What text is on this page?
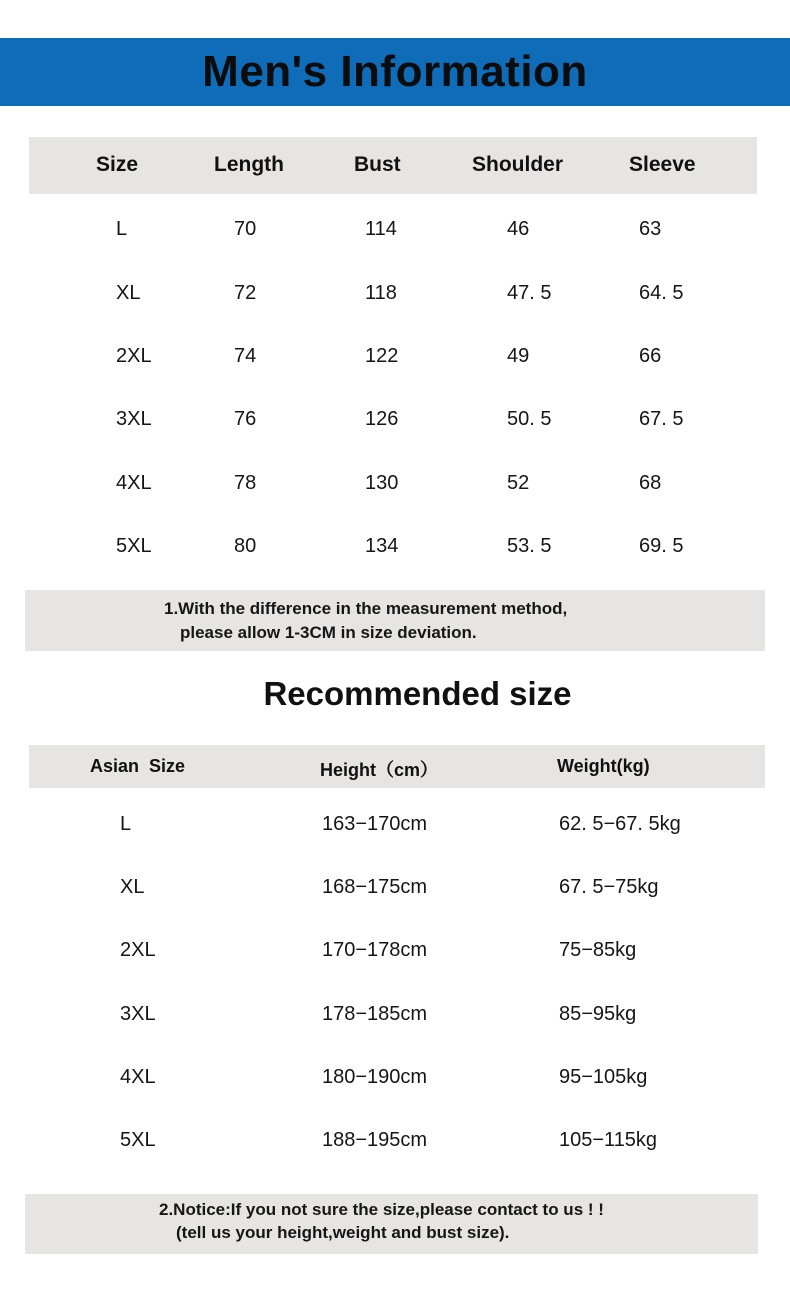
Men's Information
Size	Length	Bust	Shoulder	Sleeve
L	70	114	46	63
XL	72	118	47. 5	64. 5
2XL	74	122	49	66
3XL	76	126	50. 5	67. 5
4XL	78	130	52	68
5XL	80	134	53. 5	69. 5
1.With the difference in the measurement method,
please allow 1-3CM in size deviation.
Recommended size
Asian  Size	Height（cm）	Weight(kg)
L	163−170cm	62. 5−67. 5kg
XL	168−175cm	67. 5−75kg
2XL	170−178cm	75−85kg
3XL	178−185cm	85−95kg
4XL	180−190cm	95−105kg
5XL	188−195cm	105−115kg
2.Notice:If you not sure the size,please contact to us ! !
(tell us your height,weight and bust size).
